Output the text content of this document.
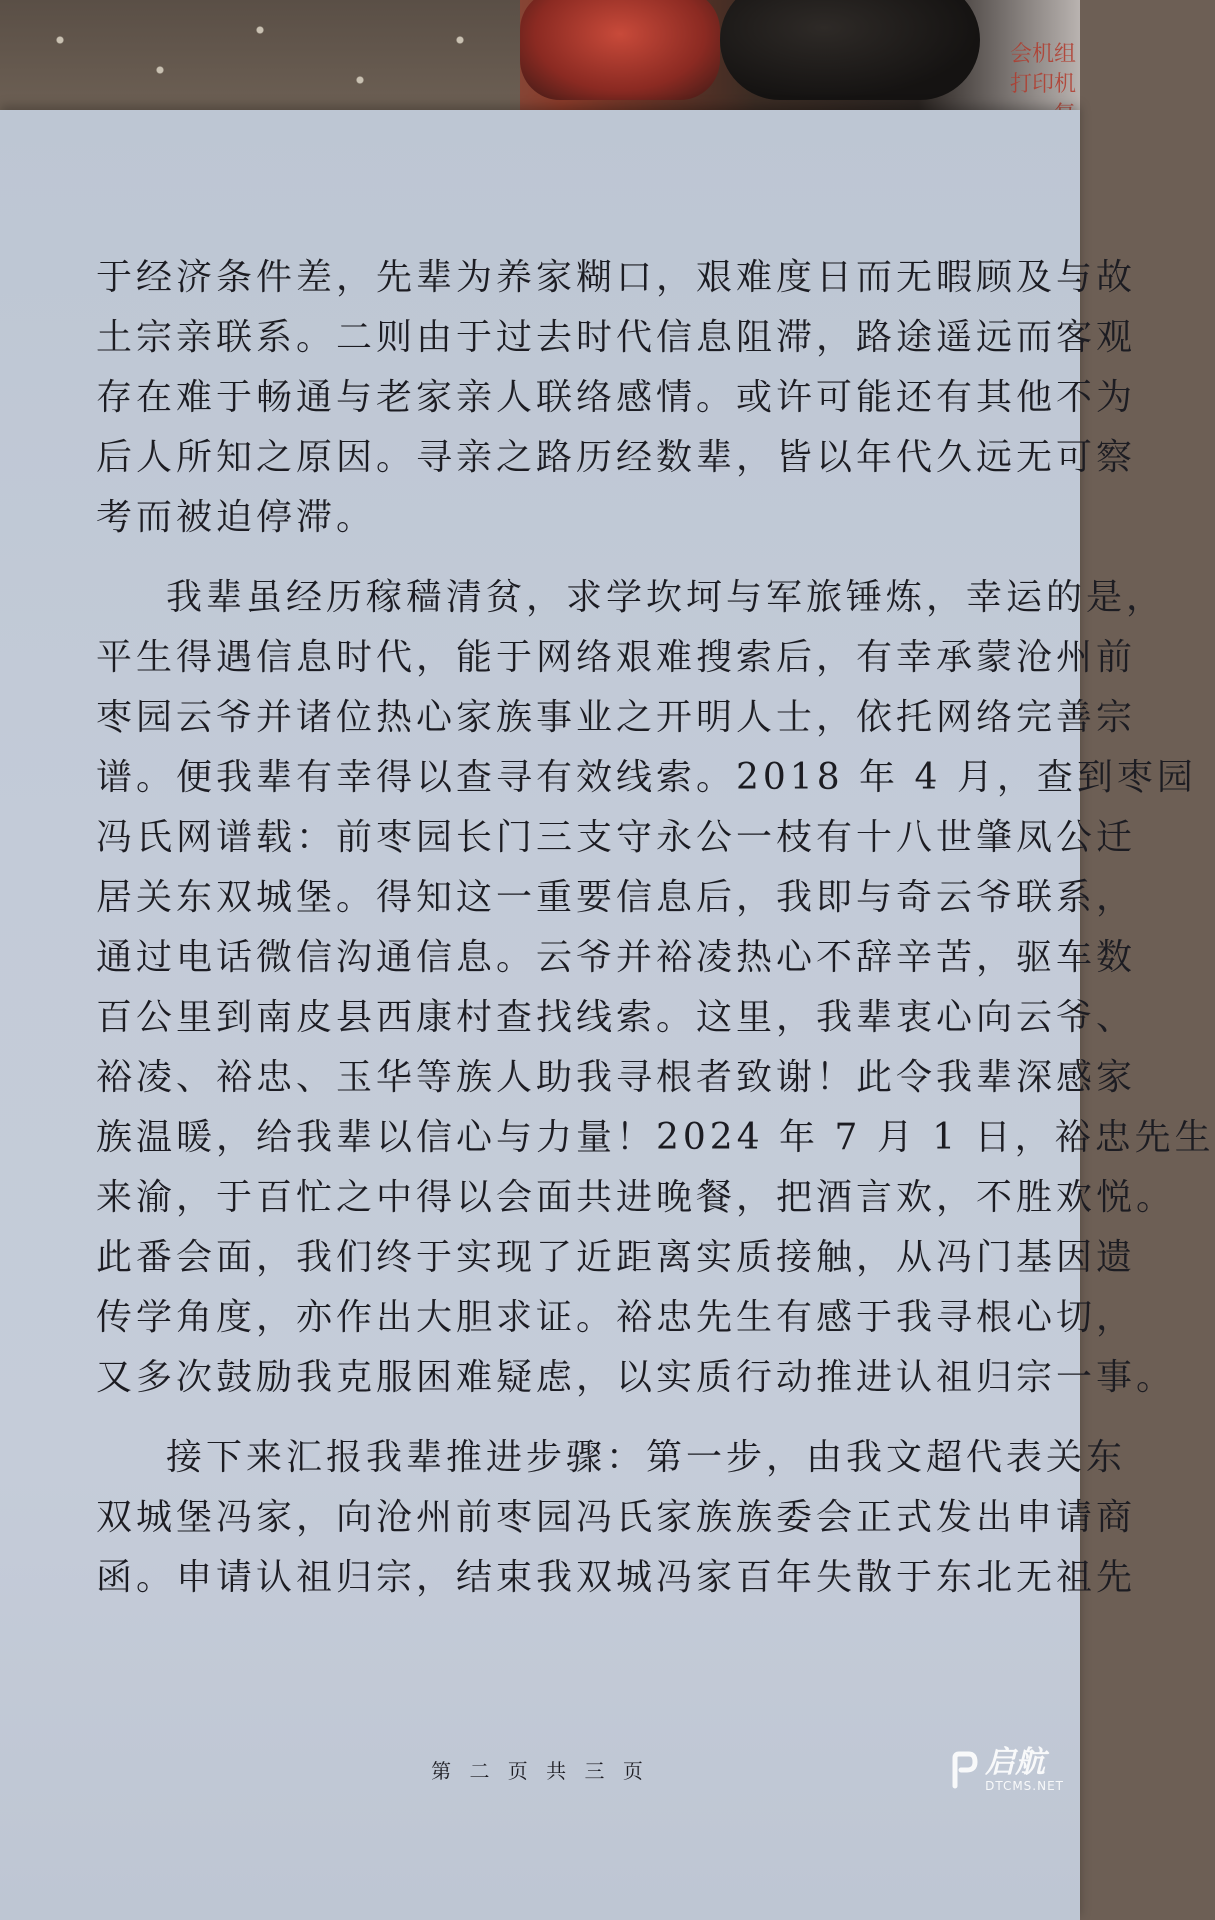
会机组
打印机
于经济条件差，先辈为养家糊口，艰难度日而无暇顾及与故
土宗亲联系。二则由于过去时代信息阻滞，路途遥远而客观
存在难于畅通与老家亲人联络感情。或许可能还有其他不为
后人所知之原因。寻亲之路历经数辈，皆以年代久远无可察
考而被迫停滞。
我辈虽经历稼穑清贫，求学坎坷与军旅锤炼，幸运的是，
平生得遇信息时代，能于网络艰难搜索后，有幸承蒙沧州前
枣园云爷并诸位热心家族事业之开明人士，依托网络完善宗
谱。便我辈有幸得以查寻有效线索。2018 年 4 月，查到枣园
冯氏网谱载：前枣园长门三支守永公一枝有十八世肇凤公迁
居关东双城堡。得知这一重要信息后，我即与奇云爷联系，
通过电话微信沟通信息。云爷并裕凌热心不辞辛苦，驱车数
百公里到南皮县西康村查找线索。这里，我辈衷心向云爷、
裕凌、裕忠、玉华等族人助我寻根者致谢！此令我辈深感家
族温暖，给我辈以信心与力量！2024 年 7 月 1 日，裕忠先生
来渝，于百忙之中得以会面共进晚餐，把酒言欢，不胜欢悦。
此番会面，我们终于实现了近距离实质接触，从冯门基因遗
传学角度，亦作出大胆求证。裕忠先生有感于我寻根心切，
又多次鼓励我克服困难疑虑，以实质行动推进认祖归宗一事。
接下来汇报我辈推进步骤：第一步，由我文超代表关东
双城堡冯家，向沧州前枣园冯氏家族族委会正式发出申请商
函。申请认祖归宗，结束我双城冯家百年失散于东北无祖先
第 二 页 共 三 页	启航
DTCMS.NET
